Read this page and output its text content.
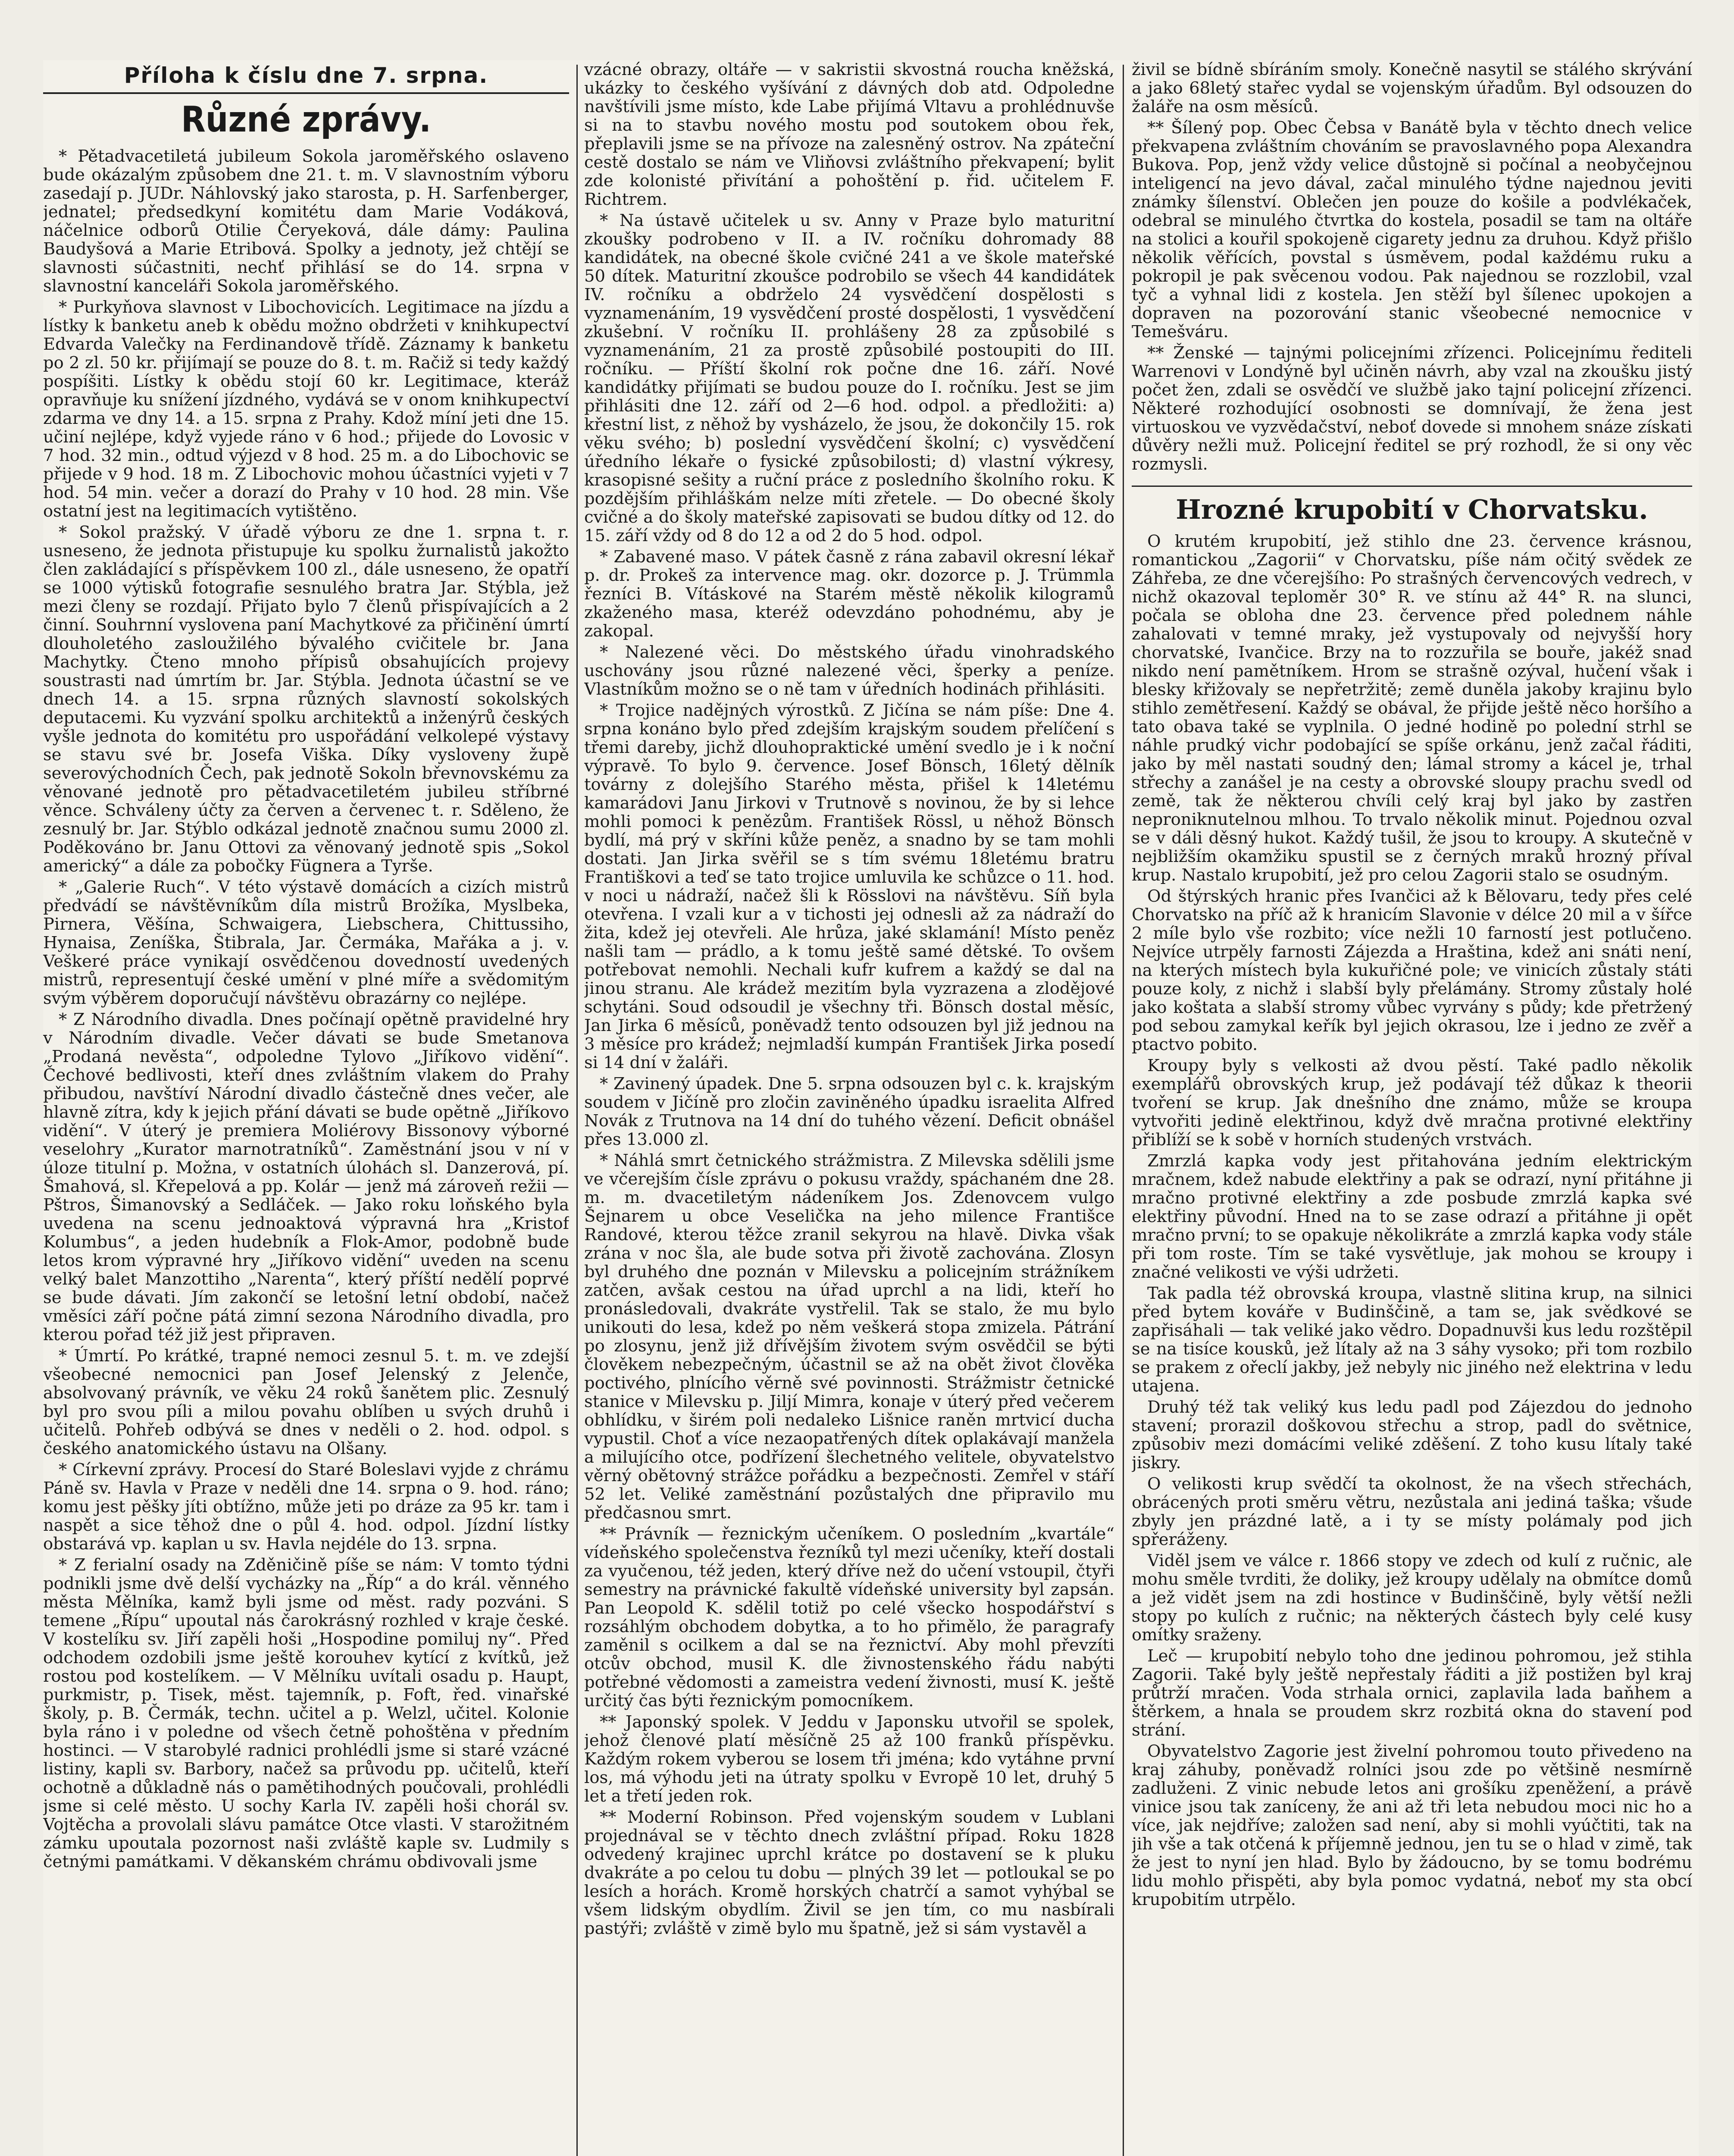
Příloha k číslu dne 7. srpna.
Různé zprávy.

* Pětadvacetiletá jubileum Sokola jaroměřského oslaveno bude okázalým způsobem dne 21. t. m. V slavnostním výboru zasedají p. JUDr. Náhlovský jako starosta, p. H. Sarfenberger, jednatel; předsedkyní komitétu dam Marie Vodáková, náčelnice odborů Otilie Čeryeková, dále dámy: Paulina Baudyšová a Marie Etribová. Spolky a jednoty, jež chtějí se slavnosti súčastniti, nechť přihlásí se do 14. srpna v slavnostní kanceláři Sokola jaroměřského.

* Purkyňova slavnost v Libochovicích. Legitimace na jízdu a lístky k banketu aneb k obědu možno obdržeti v knihkupectví Edvarda Valečky na Ferdinandově třídě. Záznamy k banketu po 2 zl. 50 kr. přijímají se pouze do 8. t. m. Račiž si tedy každý pospíšiti. Lístky k obědu stojí 60 kr. Legitimace, kteráž opravňuje ku snížení jízdného, vydává se v onom knihkupectví zdarma ve dny 14. a 15. srpna z Prahy. Kdož míní jeti dne 15. učiní nejlépe, když vyjede ráno v 6 hod.; přijede do Lovosic v 7 hod. 32 min., odtud výjezd v 8 hod. 25 m. a do Libochovic se přijede v 9 hod. 18 m. Z Libochovic mohou účastníci vyjeti v 7 hod. 54 min. večer a dorazí do Prahy v 10 hod. 28 min. Vše ostatní jest na legitimacích vytištěno.

* Sokol pražský. V úřadě výboru ze dne 1. srpna t. r. usneseno, že jednota přistupuje ku spolku žurnalistů jakožto člen zakládající s příspěvkem 100 zl., dále usneseno, že opatří se 1000 výtisků fotografie sesnulého bratra Jar. Stýbla, jež mezi členy se rozdají. Přijato bylo 7 členů přispívajících a 2 činní. Souhrnní vyslovena paní Machytkové za přičinění úmrtí dlouholetého zasloužilého bývalého cvičitele br. Jana Machytky. Čteno mnoho přípisů obsahujících projevy soustrasti nad úmrtím br. Jar. Stýbla. Jednota účastní se ve dnech 14. a 15. srpna různých slavností sokolských deputacemi. Ku vyzvání spolku architektů a inženýrů českých vyšle jednota do komitétu pro uspořádání velkolepé výstavy se stavu své br. Josefa Viška. Díky vysloveny župě severovýchodních Čech, pak jednotě Sokoln břevnovskému za věnované jednotě pro pětadvacetiletém jubileu stříbrné věnce. Schváleny účty za červen a červenec t. r. Sděleno, že zesnulý br. Jar. Stýblo odkázal jednotě značnou sumu 2000 zl. Poděkováno br. Janu Ottovi za věnovaný jednotě spis „Sokol americký“ a dále za pobočky Fügnera a Tyrše.

* „Galerie Ruch“. V této výstavě domácích a cizích mistrů předvádí se návštěvníkům díla mistrů Brožíka, Myslbeka, Pirnera, Věšína, Schwaigera, Liebschera, Chittussiho, Hynaisa, Zeníška, Štibrala, Jar. Čermáka, Mařáka a j. v. Veškeré práce vynikají osvědčenou dovedností uvedených mistrů, representují české umění v plné míře a svědomitým svým výběrem doporučují návštěvu obrazárny co nejlépe.

* Z Národního divadla. Dnes počínají opětně pravidelné hry v Národním divadle. Večer dávati se bude Smetanova „Prodaná nevěsta“, odpoledne Tylovo „Jiříkovo vidění“. Čechové bedlivosti, kteří dnes zvláštním vlakem do Prahy přibudou, navštíví Národní divadlo částečně dnes večer, ale hlavně zítra, kdy k jejich přání dávati se bude opětně „Jiříkovo vidění“. V úterý je premiera Moliérovy Bissonovy výborné veselohry „Kurator marnotratníků“. Zaměstnání jsou v ní v úloze titulní p. Možna, v ostatních úlohách sl. Danzerová, pí. Šmahová, sl. Křepelová a pp. Kolár — jenž má zároveň režii — Pštros, Šimanovský a Sedláček. — Jako roku loňského byla uvedena na scenu jednoaktová výpravná hra „Kristof Kolumbus“, a jeden hudebník a Flok-Amor, podobně bude letos krom výpravné hry „Jiříkovo vidění“ uveden na scenu velký balet Manzottiho „Narenta“, který příští nedělí poprvé se bude dávati. Jím zakončí se letošní letní období, načež vměsíci září počne pátá zimní sezona Národního divadla, pro kterou pořad též již jest připraven.

* Úmrtí. Po krátké, trapné nemoci zesnul 5. t. m. ve zdejší všeobecné nemocnici pan Josef Jelenský z Jelenče, absolvovaný právník, ve věku 24 roků šanětem plic. Zesnulý byl pro svou píli a milou povahu oblíben u svých druhů i učitelů. Pohřeb odbývá se dnes v neděli o 2. hod. odpol. s českého anatomického ústavu na Olšany.

* Církevní zprávy. Procesí do Staré Boleslavi vyjde z chrámu Páně sv. Havla v Praze v neděli dne 14. srpna o 9. hod. ráno; komu jest pěšky jíti obtížno, může jeti po dráze za 95 kr. tam i naspět a sice těhož dne o půl 4. hod. odpol. Jízdní lístky obstarává vp. kaplan u sv. Havla nejdéle do 13. srpna.

* Z ferialní osady na Zděničině píše se nám: V tomto týdni podnikli jsme dvě delší vycházky na „Říp“ a do král. věnného města Mělníka, kamž byli jsme od měst. rady pozváni. S temene „Řípu“ upoutal nás čarokrásný rozhled v kraje české. V kostelíku sv. Jiří zapěli hoši „Hospodine pomiluj ny“. Před odchodem ozdobili jsme ještě korouhev kytící z kvítků, jež rostou pod kostelíkem. — V Mělníku uvítali osadu p. Haupt, purkmistr, p. Tisek, měst. tajemník, p. Foft, řed. vinařské školy, p. B. Čermák, techn. učitel a p. Welzl, učitel. Kolonie byla ráno i v poledne od všech četně pohoštěna v předním hostinci. — V starobylé radnici prohlédli jsme si staré vzácné listiny, kapli sv. Barbory, načež sa průvodu pp. učitelů, kteří ochotně a důkladně nás o pamětihodných poučovali, prohlédli jsme si celé město. U sochy Karla IV. zapěli hoši chorál sv. Vojtěcha a provolali slávu památce Otce vlasti. V starožitném zámku upoutala pozornost naši zvláště kaple sv. Ludmily s četnými památkami. V děkanském chrámu obdivovali jsme

vzácné obrazy, oltáře — v sakristii skvostná roucha kněžská, ukázky to českého vyšívání z dávných dob atd. Odpoledne navštívili jsme místo, kde Labe přijímá Vltavu a prohlédnuvše si na to stavbu nového mostu pod soutokem obou řek, přeplavili jsme se na přívoze na zalesněný ostrov. Na zpáteční cestě dostalo se nám ve Vliňovsi zvláštního překvapení; bylit zde kolonisté přivítání a pohoštění p. řid. učitelem F. Richtrem.

* Na ústavě učitelek u sv. Anny v Praze bylo maturitní zkoušky podrobeno v II. a IV. ročníku dohromady 88 kandidátek, na obecné škole cvičné 241 a ve škole mateřské 50 dítek. Maturitní zkoušce podrobilo se všech 44 kandidátek IV. ročníku a obdrželo 24 vysvědčení dospělosti s vyznamenáním, 19 vysvědčení prosté dospělosti, 1 vysvědčení zkušební. V ročníku II. prohlášeny 28 za způsobilé s vyznamenáním, 21 za prostě způsobilé postoupiti do III. ročníku. — Příští školní rok počne dne 16. září. Nové kandidátky přijímati se budou pouze do I. ročníku. Jest se jim přihlásiti dne 12. září od 2—6 hod. odpol. a předložiti: a) křestní list, z něhož by vysházelo, že jsou, že dokončily 15. rok věku svého; b) poslední vysvědčení školní; c) vysvědčení úředního lékaře o fysické způsobilosti; d) vlastní výkresy, krasopisné sešity a ruční práce z posledního školního roku. K pozdějším přihláškám nelze míti zřetele. — Do obecné školy cvičné a do školy mateřské zapisovati se budou dítky od 12. do 15. září vždy od 8 do 12 a od 2 do 5 hod. odpol.

* Zabavené maso. V pátek časně z rána zabavil okresní lékař p. dr. Prokeš za intervence mag. okr. dozorce p. J. Trümmla řezníci B. Vításkové na Starém městě několik kilogramů zkaženého masa, kteréž odevzdáno pohodnému, aby je zakopal.

* Nalezené věci. Do městského úřadu vinohradského uschovány jsou různé nalezené věci, šperky a peníze. Vlastníkům možno se o ně tam v úředních hodinách přihlásiti.

* Trojice nadějných výrostků. Z Jičína se nám píše: Dne 4. srpna konáno bylo před zdejším krajským soudem přelíčení s třemi dareby, jichž dlouhopraktické umění svedlo je i k noční výpravě. To bylo 9. července. Josef Bönsch, 16letý dělník továrny z dolejšího Starého města, přišel k 14letému kamarádovi Janu Jirkovi v Trutnově s novinou, že by si lehce mohli pomoci k penězům. František Rössl, u něhož Bönsch bydlí, má prý v skříni kůže peněz, a snadno by se tam mohli dostati. Jan Jirka svěřil se s tím svému 18letému bratru Františkovi a teď se tato trojice umluvila ke schůzce o 11. hod. v noci u nádraží, načež šli k Rösslovi na návštěvu. Síň byla otevřena. I vzali kur a v tichosti jej odnesli až za nádraží do žita, kdež jej otevřeli. Ale hrůza, jaké sklamání! Místo peněz našli tam — prádlo, a k tomu ještě samé dětské. To ovšem potřebovat nemohli. Nechali kufr kufrem a každý se dal na jinou stranu. Ale krádež mezitím byla vyzrazena a zlodějové schytáni. Soud odsoudil je všechny tři. Bönsch dostal měsíc, Jan Jirka 6 měsíců, poněvadž tento odsouzen byl již jednou na 3 měsíce pro krádež; nejmladší kumpán František Jirka posedí si 14 dní v žaláři.

* Zavinený úpadek. Dne 5. srpna odsouzen byl c. k. krajským soudem v Jičíně pro zločin zaviněného úpadku israelita Alfred Novák z Trutnova na 14 dní do tuhého vězení. Deficit obnášel přes 13.000 zl.

* Náhlá smrt četnického strážmistra. Z Milevska sdělili jsme ve včerejším čísle zprávu o pokusu vraždy, spáchaném dne 28. m. m. dvacetiletým nádeníkem Jos. Zdenovcem vulgo Šejnarem u obce Veselička na jeho milence Františce Randové, kterou těžce zranil sekyrou na hlavě. Divka však zrána v noc šla, ale bude sotva při životě zachována. Zlosyn byl druhého dne poznán v Milevsku a policejním strážníkem zatčen, avšak cestou na úřad uprchl a na lidi, kteří ho pronásledovali, dvakráte vystřelil. Tak se stalo, že mu bylo unikouti do lesa, kdež po něm veškerá stopa zmizela. Pátrání po zlosynu, jenž již dřívějším životem svým osvědčil se býti člověkem nebezpečným, účastnil se až na obět život člověka poctivého, plnícího věrně své povinnosti. Strážmistr četnické stanice v Milevsku p. Jiljí Mimra, konaje v úterý před večerem obhlídku, v širém poli nedaleko Lišnice raněn mrtvicí ducha vypustil. Choť a více nezaopatřených dítek oplakávají manžela a milujícího otce, podřízení šlechetného velitele, obyvatelstvo věrný obětovný strážce pořádku a bezpečnosti. Zemřel v stáří 52 let. Veliké zaměstnání pozůstalých dne připravilo mu předčasnou smrt.

** Právník — řeznickým učeníkem. O posledním „kvartále“ vídeňského společenstva řezníků tyl mezi učeníky, kteří dostali za vyučenou, též jeden, který dříve než do učení vstoupil, čtyři semestry na právnické fakultě vídeňské university byl zapsán. Pan Leopold K. sdělil totiž po celé všecko hospodářství s rozsáhlým obchodem dobytka, a to ho přimělo, že paragrafy zaměnil s ocilkem a dal se na řeznictví. Aby mohl převzíti otcův obchod, musil K. dle živnostenského řádu nabýti potřebné vědomosti a zameistra vedení živnosti, musí K. ještě určitý čas býti řeznickým pomocníkem.

** Japonský spolek. V Jeddu v Japonsku utvořil se spolek, jehož členové platí měsíčně 25 až 100 franků příspěvku. Každým rokem vyberou se losem tři jména; kdo vytáhne první los, má výhodu jeti na útraty spolku v Evropě 10 let, druhý 5 let a třetí jeden rok.

** Moderní Robinson. Před vojenským soudem v Lublani projednával se v těchto dnech zvláštní případ. Roku 1828 odvedený krajinec uprchl krátce po dostavení se k pluku dvakráte a po celou tu dobu — plných 39 let — potloukal se po lesích a horách. Kromě horských chatrčí a samot vyhýbal se všem lidským obydlím. Živil se jen tím, co mu nasbírali pastýři; zvláště v zimě bylo mu špatně, jež si sám vystavěl a

živil se bídně sbíráním smoly. Konečně nasytil se stálého skrývání a jako 68letý stařec vydal se vojenským úřadům. Byl odsouzen do žaláře na osm měsíců.

** Šílený pop. Obec Čebsa v Banátě byla v těchto dnech velice překvapena zvláštním chováním se pravoslavného popa Alexandra Bukova. Pop, jenž vždy velice důstojně si počínal a neobyčejnou inteligencí na jevo dával, začal minulého týdne najednou jeviti známky šílenství. Oblečen jen pouze do košile a podvlékaček, odebral se minulého čtvrtka do kostela, posadil se tam na oltáře na stolici a kouřil spokojeně cigarety jednu za druhou. Když přišlo několik věřících, povstal s úsměvem, podal každému ruku a pokropil je pak svěcenou vodou. Pak najednou se rozzlobil, vzal tyč a vyhnal lidi z kostela. Jen stěží byl šílenec upokojen a dopraven na pozorování stanic všeobecné nemocnice v Temešváru.

** Ženské — tajnými policejními zřízenci. Policejnímu řediteli Warrenovi v Londýně byl učiněn návrh, aby vzal na zkoušku jistý počet žen, zdali se osvědčí ve službě jako tajní policejní zřízenci. Některé rozhodující osobnosti se domnívají, že žena jest virtuoskou ve vyzvědačství, neboť dovede si mnohem snáze získati důvěry nežli muž. Policejní ředitel se prý rozhodl, že si ony věc rozmysli.

Hrozné krupobití v Chorvatsku.

O krutém krupobití, jež stihlo dne 23. července krásnou, romantickou „Zagorii“ v Chorvatsku, píše nám očitý svědek ze Záhřeba, ze dne včerejšího: Po strašných červencových vedrech, v nichž okazoval teploměr 30° R. ve stínu až 44° R. na slunci, počala se obloha dne 23. července před polednem náhle zahalovati v temné mraky, jež vystupovaly od nejvyšší hory chorvatské, Ivančice. Brzy na to rozzuřila se bouře, jakéž snad nikdo není pamětníkem. Hrom se strašně ozýval, hučení však i blesky křižovaly se nepřetržitě; země duněla jakoby krajinu bylo stihlo zemětřesení. Každý se obával, že přijde ještě něco horšího a tato obava také se vyplnila. O jedné hodině po polední strhl se náhle prudký vichr podobající se spíše orkánu, jenž začal řáditi, jako by měl nastati soudný den; lámal stromy a kácel je, trhal střechy a zanášel je na cesty a obrovské sloupy prachu svedl od země, tak že některou chvíli celý kraj byl jako by zastřen neproniknutelnou mlhou. To trvalo několik minut. Pojednou ozval se v dáli děsný hukot. Každý tušil, že jsou to kroupy. A skutečně v nejbližším okamžiku spustil se z černých mraků hrozný příval krup. Nastalo krupobití, jež pro celou Zagorii stalo se osudným.

Od štýrských hranic přes Ivančici až k Bělovaru, tedy přes celé Chorvatsko na příč až k hranicím Slavonie v délce 20 mil a v šířce 2 míle bylo vše rozbito; více nežli 10 farností jest potlučeno. Nejvíce utrpěly farnosti Zájezda a Hraština, kdež ani snáti není, na kterých místech byla kukuřičné pole; ve vinicích zůstaly státi pouze koly, z nichž i slabší byly přelámány. Stromy zůstaly holé jako koštata a slabší stromy vůbec vyrvány s půdy; kde přetržený pod sebou zamykal keřík byl jejich okrasou, lze i jedno ze zvěř a ptactvo pobito.

Kroupy byly s velkosti až dvou pěstí. Také padlo několik exemplářů obrovských krup, jež podávají též důkaz k theorii tvoření se krup. Jak dnešního dne známo, může se kroupa vytvořiti jedině elektřinou, když dvě mračna protivné elektřiny přiblíží se k sobě v horních studených vrstvách.

Zmrzlá kapka vody jest přitahována jedním elektrickým mračnem, kdež nabude elektřiny a pak se odrazí, nyní přitáhne ji mračno protivné elektřiny a zde posbude zmrzlá kapka své elektřiny původní. Hned na to se zase odrazí a přitáhne ji opět mračno první; to se opakuje několikráte a zmrzlá kapka vody stále při tom roste. Tím se také vysvětluje, jak mohou se kroupy i značné velikosti ve výši udržeti.

Tak padla též obrovská kroupa, vlastně slitina krup, na silnici před bytem kováře v Budinščině, a tam se, jak svědkové se zapřisáhali — tak veliké jako vědro. Dopadnuvši kus ledu rozštěpil se na tisíce kousků, jež lítaly až na 3 sáhy vysoko; při tom rozbilo se prakem z ořeclí jakby, jež nebyly nic jiného než elektrina v ledu utajena.

Druhý též tak veliký kus ledu padl pod Zájezdou do jednoho stavení; prorazil doškovou střechu a strop, padl do světnice, způsobiv mezi domácími veliké zděšení. Z toho kusu lítaly také jiskry.

O velikosti krup svědčí ta okolnost, že na všech střechách, obrácených proti směru větru, nezůstala ani jediná taška; všude zbyly jen prázdné latě, a i ty se místy polámaly pod jich spřeráženy.

Viděl jsem ve válce r. 1866 stopy ve zdech od kulí z ručnic, ale mohu směle tvrditi, že doliky, jež kroupy udělaly na obmítce domů a jež vidět jsem na zdi hostince v Budinščině, byly větší nežli stopy po kulích z ručnic; na některých částech byly celé kusy omítky sraženy.

Leč — krupobití nebylo toho dne jedinou pohromou, jež stihla Zagorii. Také byly ještě nepřestaly řáditi a již postižen byl kraj průtrží mračen. Voda strhala ornici, zaplavila lada baňhem a štěrkem, a hnala se proudem skrz rozbitá okna do stavení pod strání.

Obyvatelstvo Zagorie jest živelní pohromou touto přivedeno na kraj záhuby, poněvadž rolníci jsou zde po většině nesmírně zadluženi. Z vinic nebude letos ani grošíku zpeněžení, a právě vinice jsou tak zaníceny, že ani až tři leta nebudou moci nic ho a více, jak nejdříve; založen sad není, aby si mohli vyúčtiti, tak na jih vše a tak otčená k příjemně jednou, jen tu se o hlad v zimě, tak že jest to nyní jen hlad. Bylo by žádoucno, by se tomu bodrému lidu mohlo přispěti, aby byla pomoc vydatná, neboť my sta obcí krupobitím utrpělo.
